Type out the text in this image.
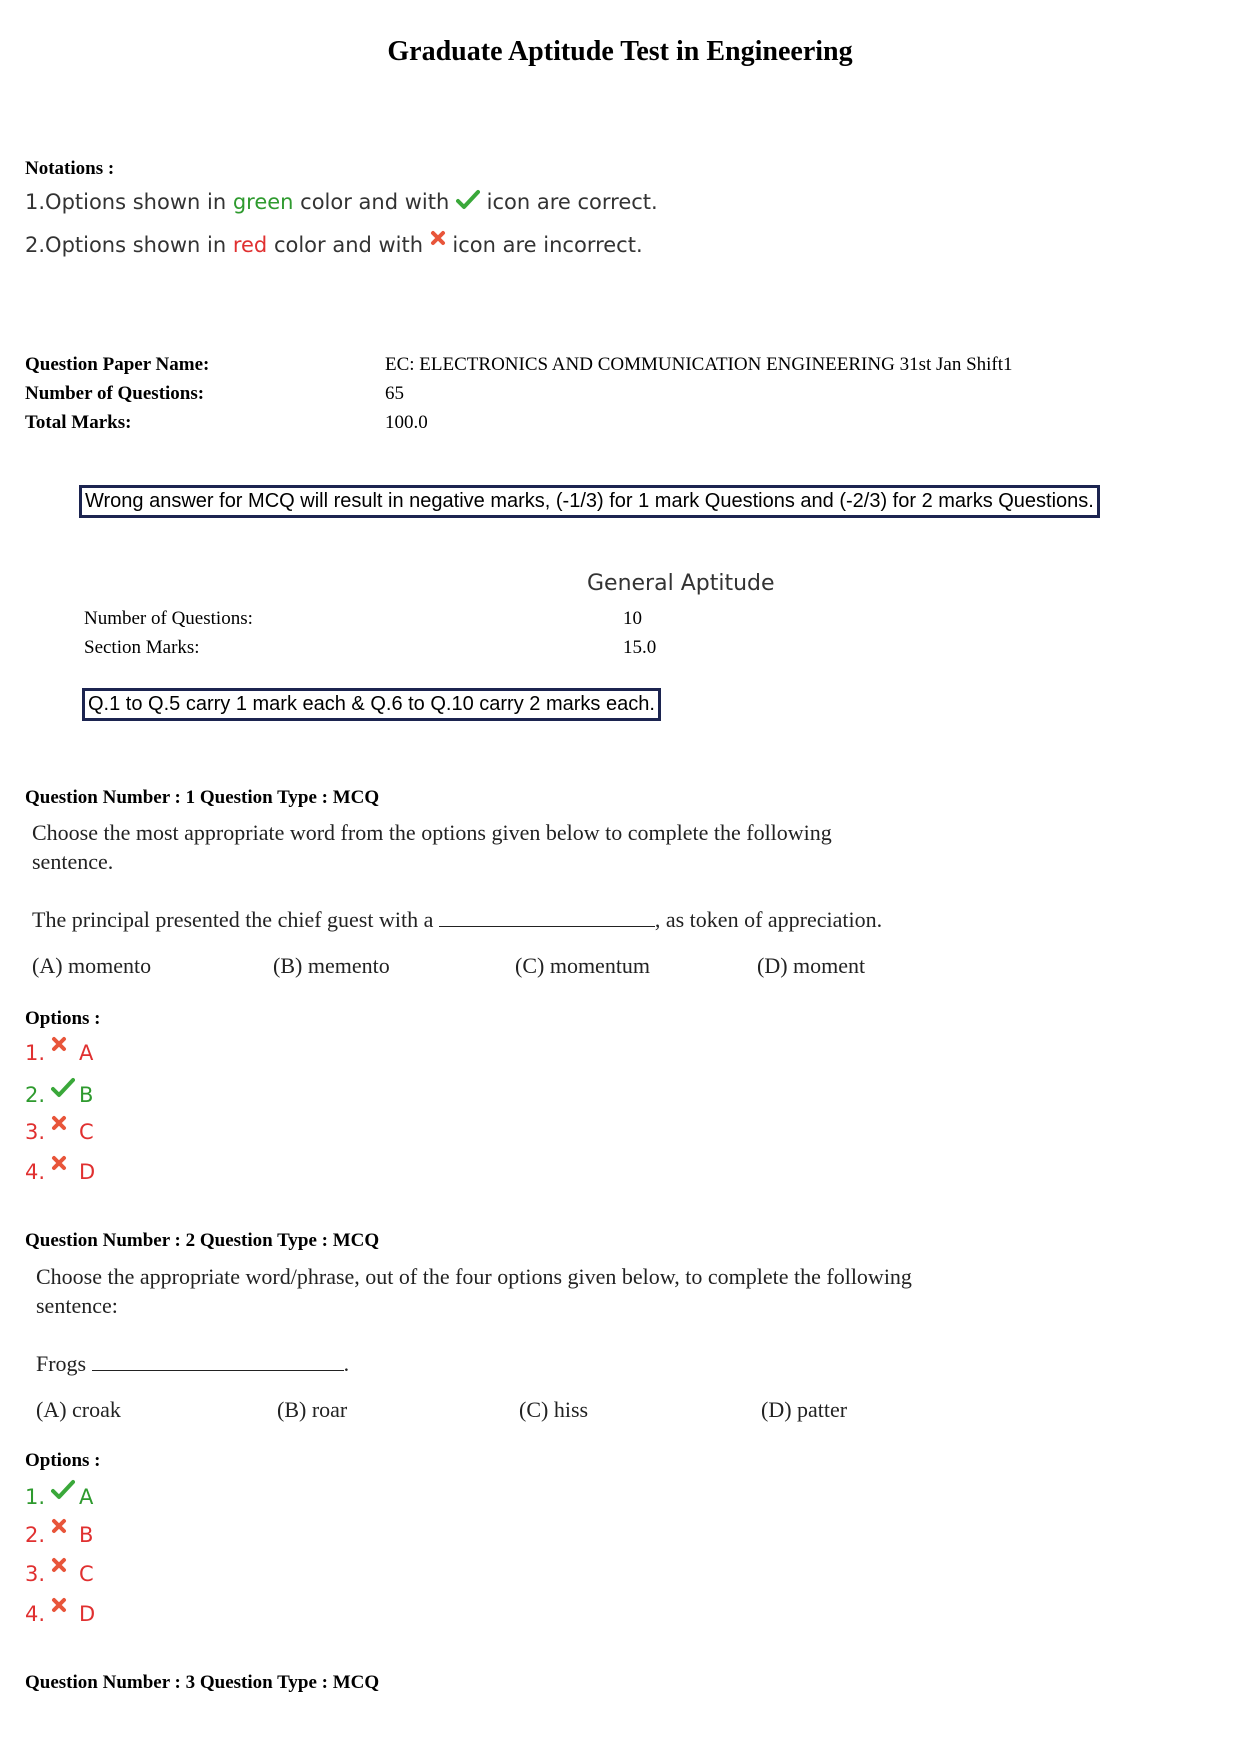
Graduate Aptitude Test in Engineering
Notations :
1.Options shown in green color and with  icon are correct.
2.Options shown in red color and with  icon are incorrect.
Question Paper Name:	EC: ELECTRONICS AND COMMUNICATION ENGINEERING 31st Jan Shift1
Number of Questions:	65
Total Marks:	100.0
Wrong answer for MCQ will result in negative marks, (-1/3) for 1 mark Questions and (-2/3) for 2 marks Questions.
General Aptitude
Number of Questions:	10
Section Marks:	15.0
Q.1 to Q.5 carry 1 mark each & Q.6 to Q.10 carry 2 marks each.
Question Number : 1 Question Type : MCQ
Choose the most appropriate word from the options given below to complete the following
sentence.
The principal presented the chief guest with a	, as token of appreciation.
(A) momento	(B) memento	(C) momentum	(D) moment
Options :
1. A
2. B
3. C
4. D
Question Number : 2 Question Type : MCQ
Choose the appropriate word/phrase, out of the four options given below, to complete the following
sentence:
Frogs	.
(A) croak	(B) roar	(C) hiss	(D) patter
Options :
1. A
2. B
3. C
4. D
Question Number : 3 Question Type : MCQ
